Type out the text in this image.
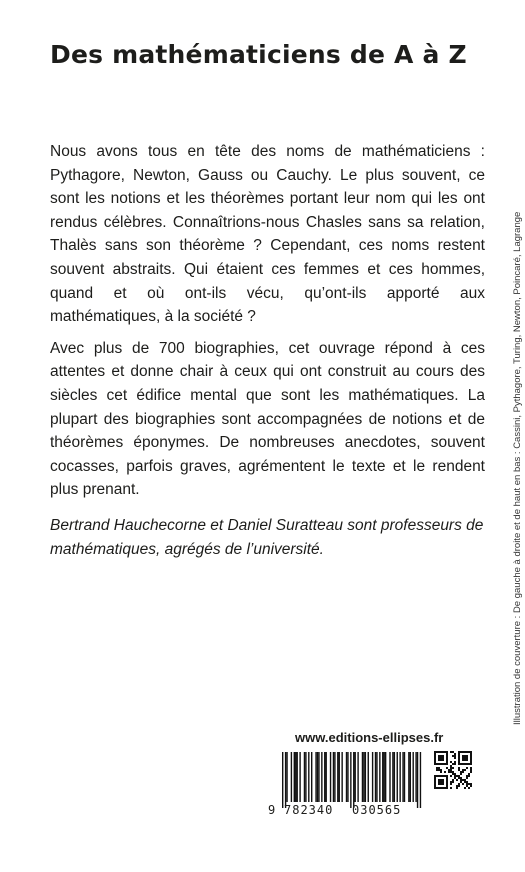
Des mathématiciens de A à Z

Nous avons tous en tête des noms de mathématiciens : Pythagore, Newton, Gauss ou Cauchy. Le plus souvent, ce sont les notions et les théorèmes portant leur nom qui les ont rendus célèbres. Connaîtrions-nous Chasles sans sa relation, Thalès sans son théorème ? Cependant, ces noms restent souvent abstraits. Qui étaient ces femmes et ces hommes, quand et où ont-ils vécu, qu’ont-ils apporté aux mathématiques, à la société ?

Avec plus de 700 biographies, cet ouvrage répond à ces attentes et donne chair à ceux qui ont construit au cours des siècles cet édifice mental que sont les mathématiques. La plupart des biographies sont accompagnées de notions et de théorèmes éponymes. De nombreuses anecdotes, souvent cocasses, parfois graves, agrémentent le texte et le rendent plus prenant.

Bertrand Hauchecorne et Daniel Suratteau sont professeurs de mathématiques, agrégés de l’université.	Illustration de couverture : De gauche à droite et de haut en bas : Cassini, Pythagore, Turing, Newton, Poincaré, Lagrange
www.editions-ellipses.fr
9 782340 030565
